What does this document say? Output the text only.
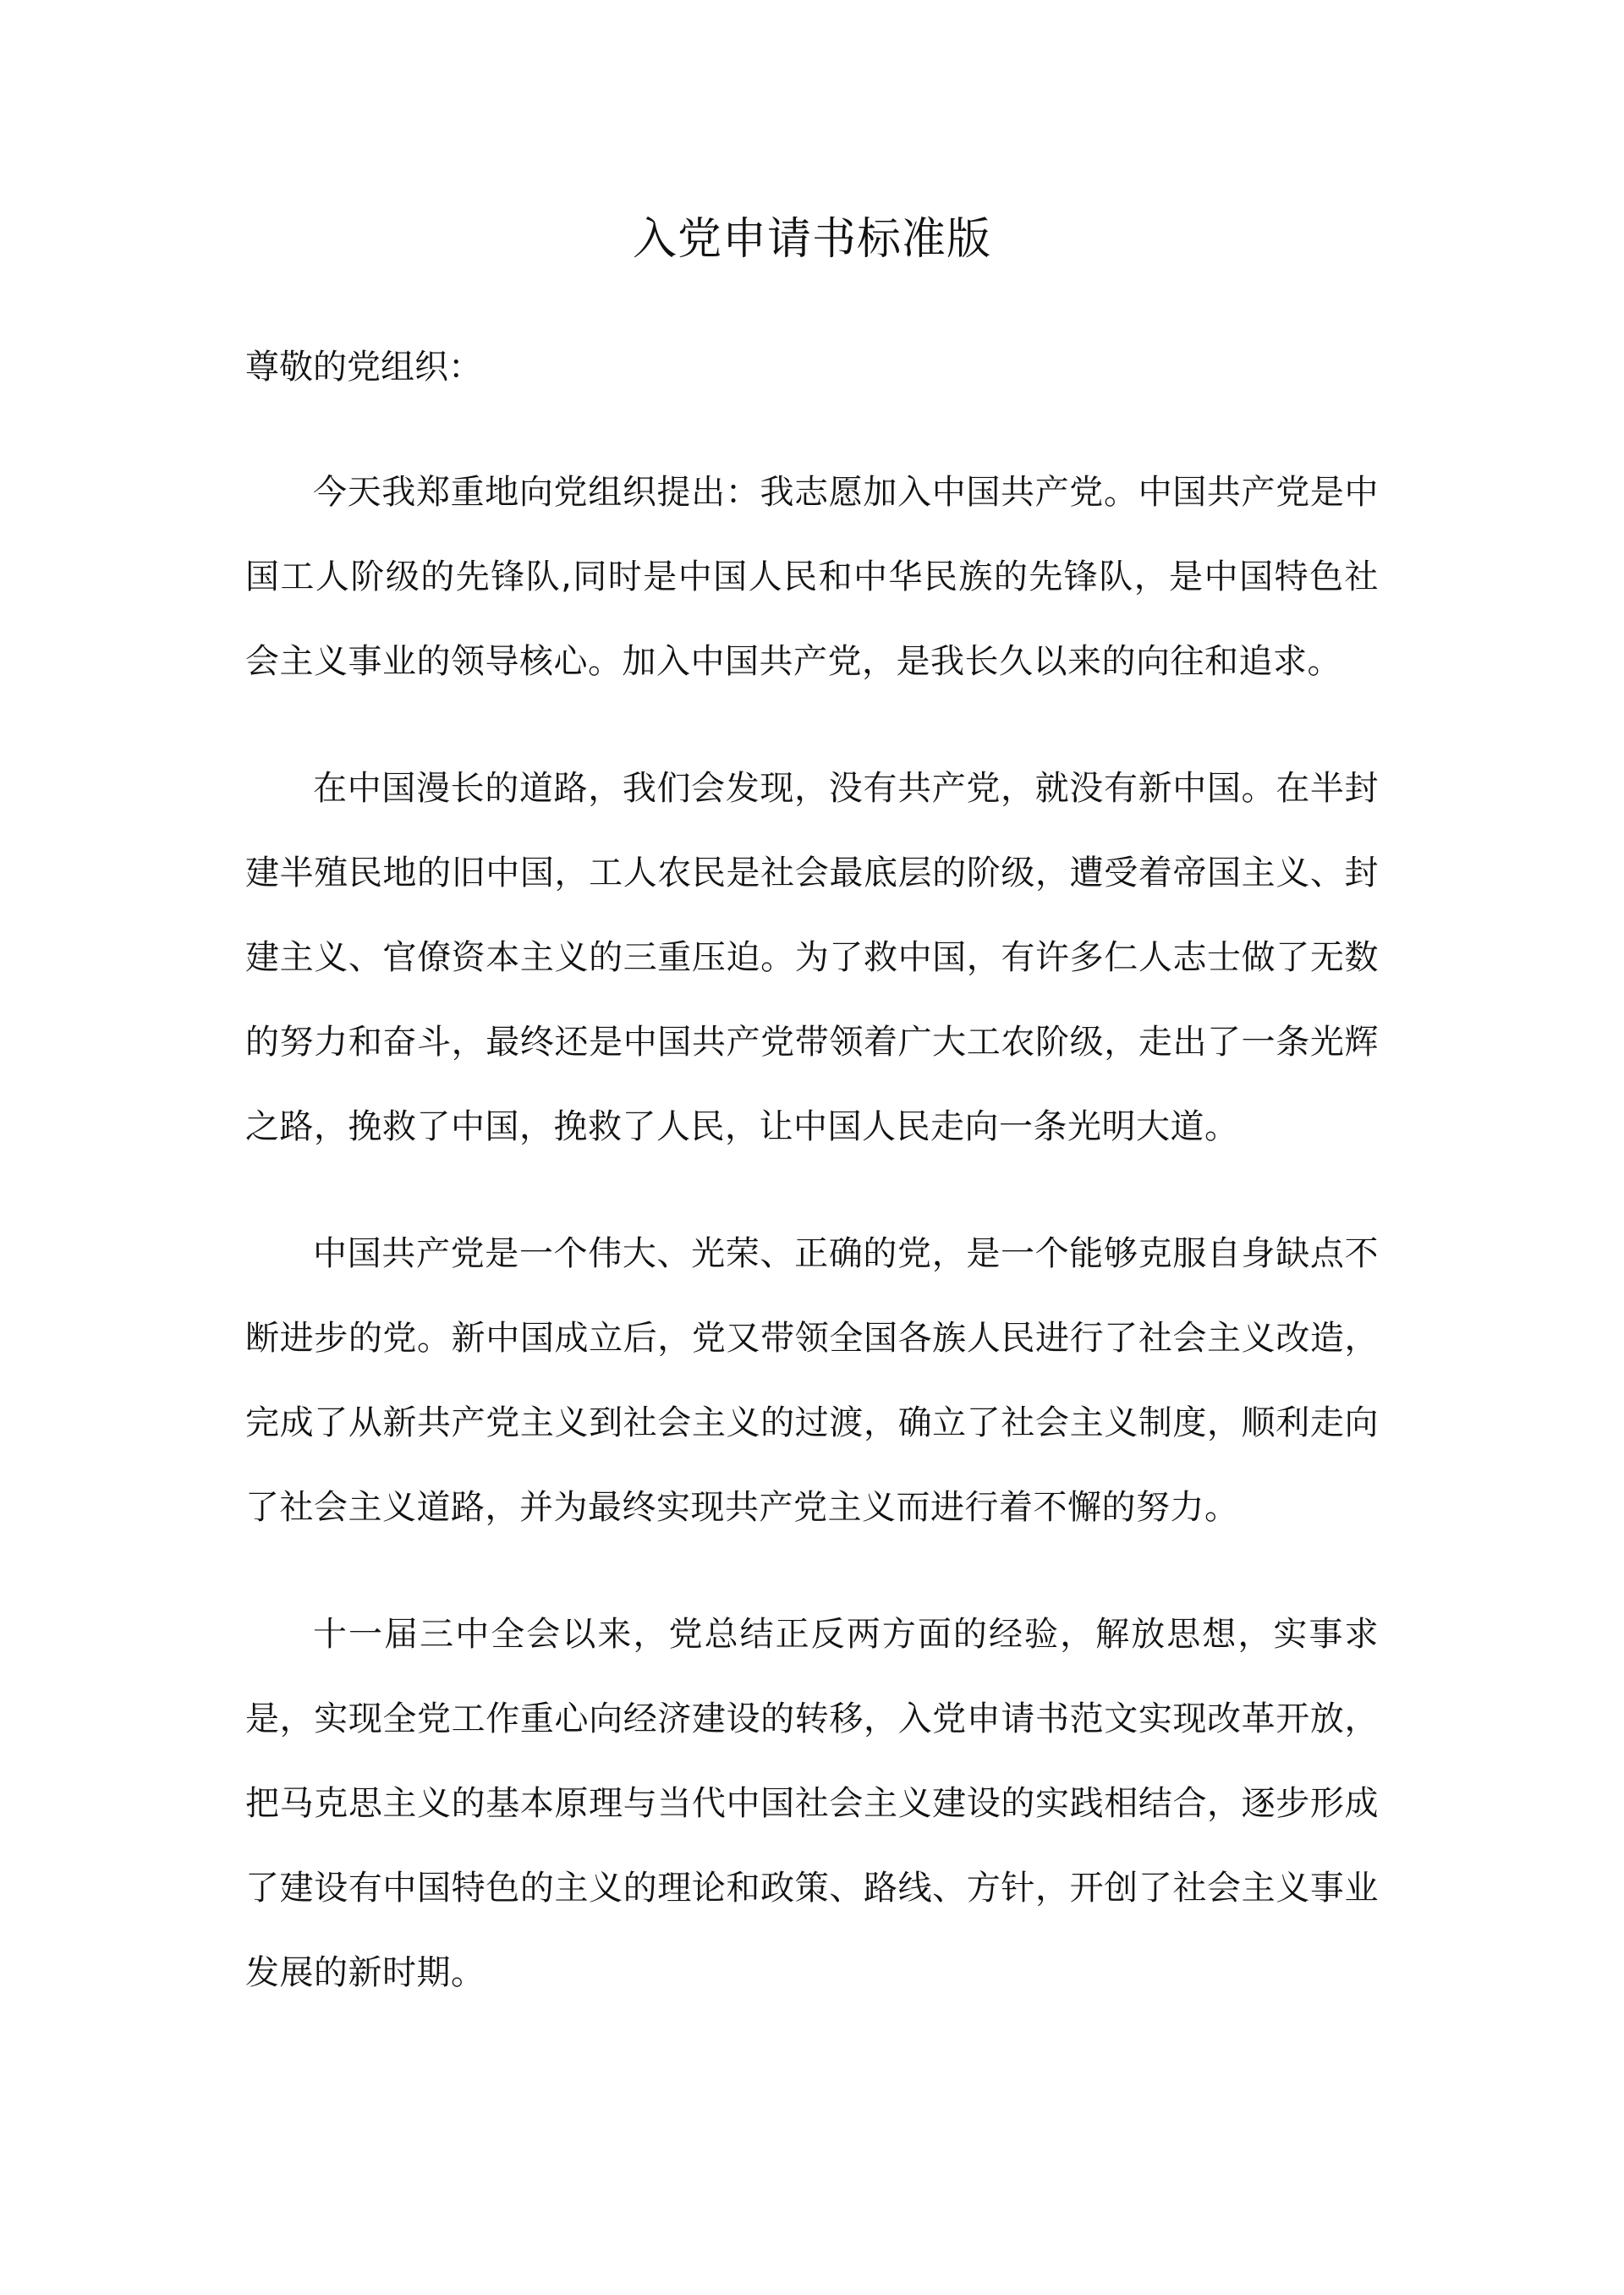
入党申请书标准版

尊敬的党组织：

今天我郑重地向党组织提出：我志愿加入中国共产党。中国共产党是中国工人阶级的先锋队,同时是中国人民和中华民族的先锋队，是中国特色社会主义事业的领导核心。加入中国共产党，是我长久以来的向往和追求。

在中国漫长的道路，我们会发现，没有共产党，就没有新中国。在半封建半殖民地的旧中国，工人农民是社会最底层的阶级，遭受着帝国主义、封建主义、官僚资本主义的三重压迫。为了救中国，有许多仁人志士做了无数的努力和奋斗，最终还是中国共产党带领着广大工农阶级，走出了一条光辉之路，挽救了中国，挽救了人民，让中国人民走向一条光明大道。

中国共产党是一个伟大、光荣、正确的党，是一个能够克服自身缺点不断进步的党。新中国成立后，党又带领全国各族人民进行了社会主义改造，完成了从新共产党主义到社会主义的过渡，确立了社会主义制度，顺利走向了社会主义道路，并为最终实现共产党主义而进行着不懈的努力。

十一届三中全会以来，党总结正反两方面的经验，解放思想，实事求是，实现全党工作重心向经济建设的转移，入党申请书范文实现改革开放，把马克思主义的基本原理与当代中国社会主义建设的实践相结合，逐步形成了建设有中国特色的主义的理论和政策、路线、方针，开创了社会主义事业发展的新时期。
